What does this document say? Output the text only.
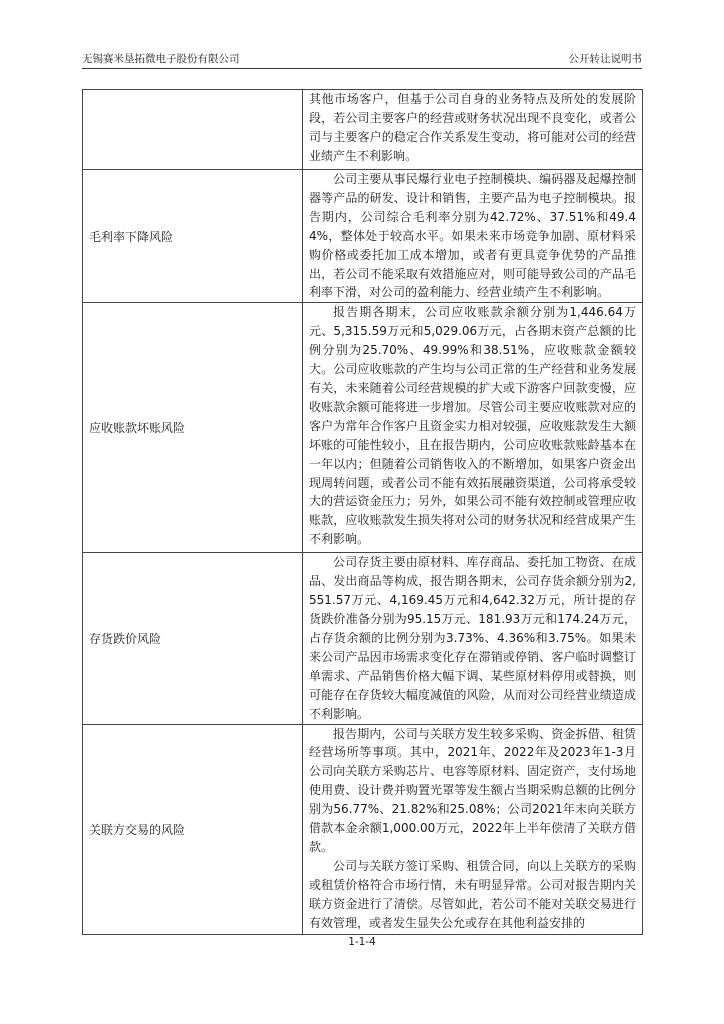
无锡赛米垦拓微电子股份有限公司	公开转让说明书

	其他市场客户，但基于公司自身的业务特点及所处的发展阶段，若公司主要客户的经营或财务状况出现不良变化，或者公司与主要客户的稳定合作关系发生变动，将可能对公司的经营业绩产生不利影响。

毛利率下降风险	公司主要从事民爆行业电子控制模块、编码器及起爆控制器等产品的研发、设计和销售，主要产品为电子控制模块。报告期内，公司综合毛利率分别为42.72%、37.51%和49.44%，整体处于较高水平。如果未来市场竞争加剧、原材料采购价格或委托加工成本增加，或者有更具竞争优势的产品推出，若公司不能采取有效措施应对，则可能导致公司的产品毛利率下滑，对公司的盈利能力、经营业绩产生不利影响。

应收账款坏账风险	报告期各期末，公司应收账款余额分别为1,446.64万元、5,315.59万元和5,029.06万元，占各期末资产总额的比例分别为25.70%、49.99%和38.51%，应收账款金额较大。公司应收账款的产生均与公司正常的生产经营和业务发展有关，未来随着公司经营规模的扩大或下游客户回款变慢，应收账款余额可能将进一步增加。尽管公司主要应收账款对应的客户为常年合作客户且资金实力相对较强，应收账款发生大额坏账的可能性较小，且在报告期内，公司应收账款账龄基本在一年以内；但随着公司销售收入的不断增加，如果客户资金出现周转问题，或者公司不能有效拓展融资渠道，公司将承受较大的营运资金压力；另外，如果公司不能有效控制或管理应收账款，应收账款发生损失将对公司的财务状况和经营成果产生不利影响。

存货跌价风险	公司存货主要由原材料、库存商品、委托加工物资、在成品、发出商品等构成，报告期各期末，公司存货余额分别为2,551.57万元、4,169.45万元和4,642.32万元，所计提的存货跌价准备分别为95.15万元、181.93万元和174.24万元，占存货余额的比例分别为3.73%、4.36%和3.75%。如果未来公司产品因市场需求变化存在滞销或停销、客户临时调整订单需求、产品销售价格大幅下调、某些原材料停用或替换，则可能存在存货较大幅度减值的风险，从而对公司经营业绩造成不利影响。

关联方交易的风险	报告期内，公司与关联方发生较多采购、资金拆借、租赁经营场所等事项。其中，2021年、2022年及2023年1-3月公司向关联方采购芯片、电容等原材料、固定资产，支付场地使用费、设计费并购置光罩等发生额占当期采购总额的比例分别为56.77%、21.82%和25.08%；公司2021年末向关联方借款本金余额1,000.00万元，2022年上半年偿清了关联方借款。

公司与关联方签订采购、租赁合同，向以上关联方的采购或租赁价格符合市场行情，未有明显异常。公司对报告期内关联方资金进行了清偿。尽管如此，若公司不能对关联交易进行有效管理，或者发生显失公允或存在其他利益安排的

1-1-4
